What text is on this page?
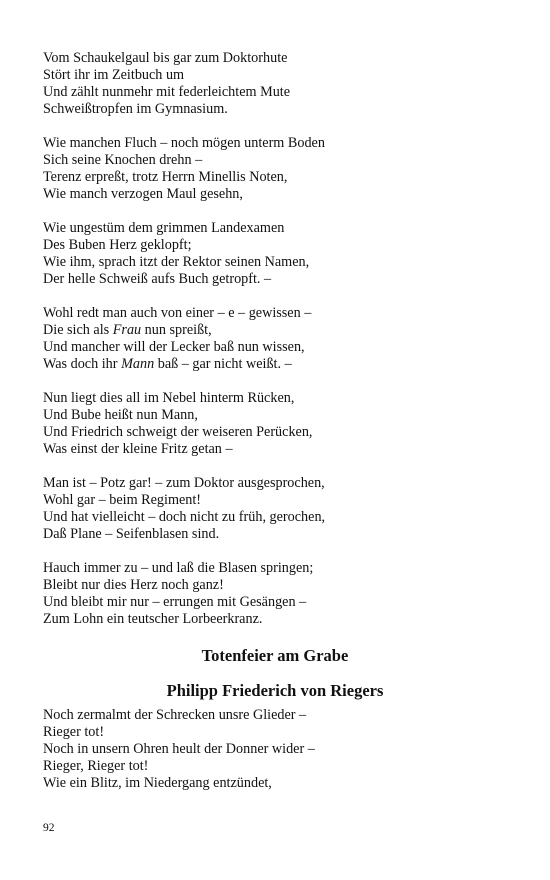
Vom Schaukelgaul bis gar zum Doktorhute
Stört ihr im Zeitbuch um
Und zählt nunmehr mit federleichtem Mute
Schweißtropfen im Gymnasium.
Wie manchen Fluch – noch mögen unterm Boden
Sich seine Knochen drehn –
Terenz erpreßt, trotz Herrn Minellis Noten,
Wie manch verzogen Maul gesehn,
Wie ungestüm dem grimmen Landexamen
Des Buben Herz geklopft;
Wie ihm, sprach itzt der Rektor seinen Namen,
Der helle Schweiß aufs Buch getropft. –
Wohl redt man auch von einer – e – gewissen –
Die sich als Frau nun spreißt,
Und mancher will der Lecker baß nun wissen,
Was doch ihr Mann baß – gar nicht weißt. –
Nun liegt dies all im Nebel hinterm Rücken,
Und Bube heißt nun Mann,
Und Friedrich schweigt der weiseren Perücken,
Was einst der kleine Fritz getan –
Man ist – Potz gar! – zum Doktor ausgesprochen,
Wohl gar – beim Regiment!
Und hat vielleicht – doch nicht zu früh, gerochen,
Daß Plane – Seifenblasen sind.
Hauch immer zu – und laß die Blasen springen;
Bleibt nur dies Herz noch ganz!
Und bleibt mir nur – errungen mit Gesängen –
Zum Lohn ein teutscher Lorbeerkranz.
Totenfeier am Grabe
Philipp Friederich von Riegers
Noch zermalmt der Schrecken unsre Glieder –
Rieger tot!
Noch in unsern Ohren heult der Donner wider –
Rieger, Rieger tot!
Wie ein Blitz, im Niedergang entzündet,
92
